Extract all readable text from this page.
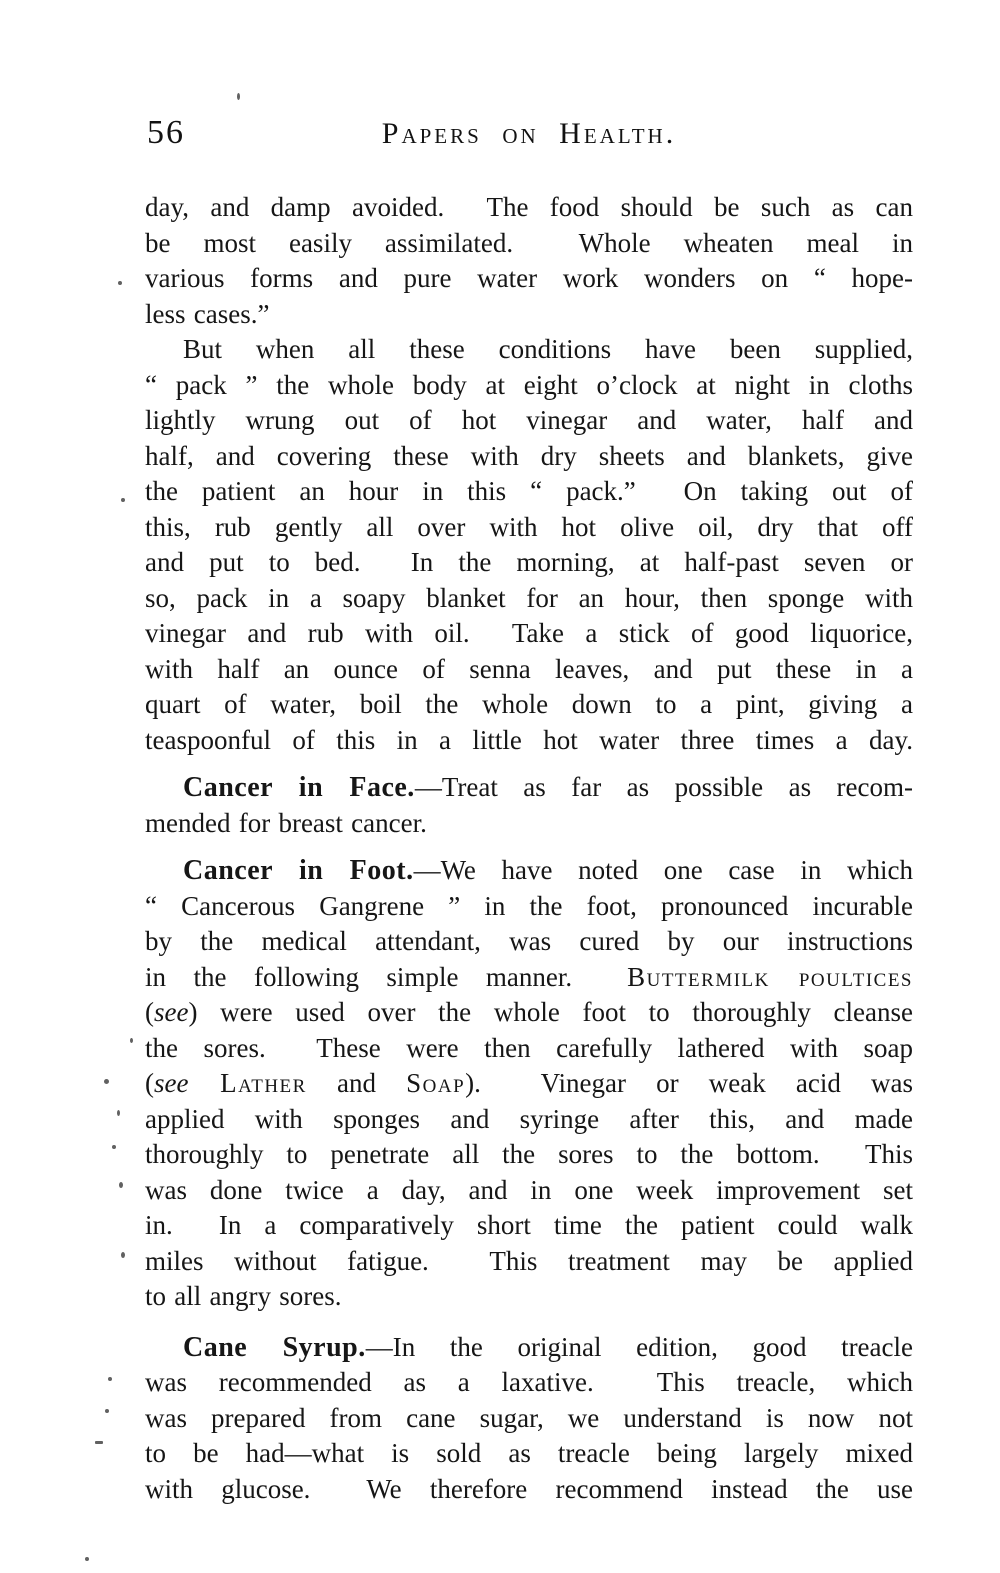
56	Papers on Health.

day, and damp avoided.  The food should be such as can
be most easily assimilated.  Whole wheaten meal in
various forms and pure water work wonders on “ hope-
less cases.”

But when all these conditions have been supplied,
“ pack ” the whole body at eight o’clock at night in cloths
lightly wrung out of hot vinegar and water, half and
half, and covering these with dry sheets and blankets, give
the patient an hour in this “ pack.”  On taking out of
this, rub gently all over with hot olive oil, dry that off
and put to bed.  In the morning, at half-past seven or
so, pack in a soapy blanket for an hour, then sponge with
vinegar and rub with oil.  Take a stick of good liquorice,
with half an ounce of senna leaves, and put these in a
quart of water, boil the whole down to a pint, giving a
teaspoonful of this in a little hot water three times a day.

Cancer in Face.—Treat as far as possible as recom-
mended for breast cancer.

Cancer in Foot.—We have noted one case in which
“ Cancerous Gangrene ” in the foot, pronounced incurable
by the medical attendant, was cured by our instructions
in the following simple manner.  Buttermilk poultices
(see) were used over the whole foot to thoroughly cleanse
the sores.  These were then carefully lathered with soap
(see Lather and Soap).  Vinegar or weak acid was
applied with sponges and syringe after this, and made
thoroughly to penetrate all the sores to the bottom.  This
was done twice a day, and in one week improvement set
in.  In a comparatively short time the patient could walk
miles without fatigue.  This treatment may be applied
to all angry sores.

Cane Syrup.—In the original edition, good treacle
was recommended as a laxative.  This treacle, which
was prepared from cane sugar, we understand is now not
to be had—what is sold as treacle being largely mixed
with glucose.  We therefore recommend instead the use
